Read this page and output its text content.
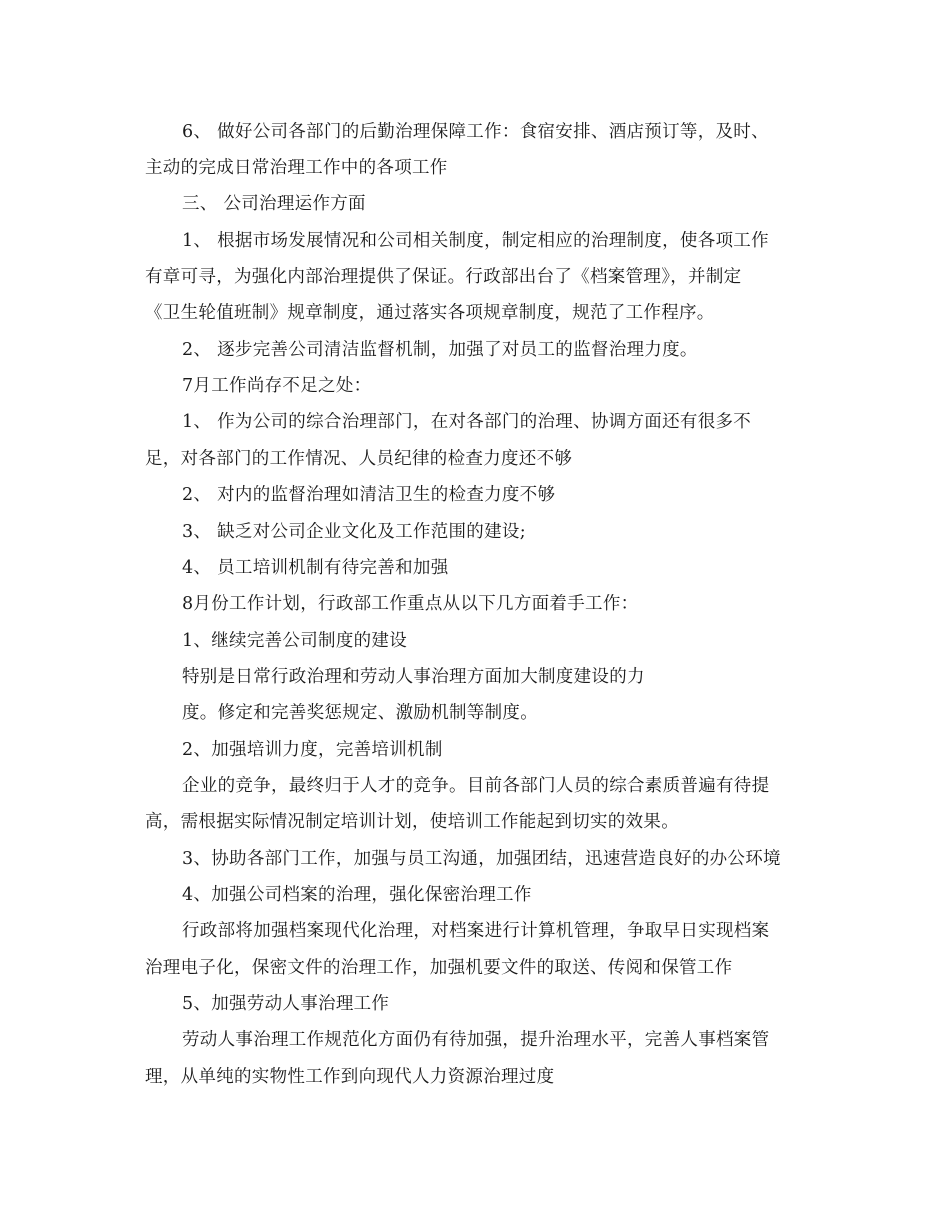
6、 做好公司各部门的后勤治理保障工作：食宿安排、酒店预订等，及时、
主动的完成日常治理工作中的各项工作
三、 公司治理运作方面
1、 根据市场发展情况和公司相关制度，制定相应的治理制度，使各项工作
有章可寻，为强化内部治理提供了保证。行政部出台了《档案管理》，并制定
《卫生轮值班制》规章制度，通过落实各项规章制度，规范了工作程序。
2、 逐步完善公司清洁监督机制，加强了对员工的监督治理力度。
7月工作尚存不足之处：
1、 作为公司的综合治理部门，在对各部门的治理、协调方面还有很多不
足，对各部门的工作情况、人员纪律的检查力度还不够
2、 对内的监督治理如清洁卫生的检查力度不够
3、 缺乏对公司企业文化及工作范围的建设;
4、 员工培训机制有待完善和加强
8月份工作计划，行政部工作重点从以下几方面着手工作：
1、继续完善公司制度的建设
特别是日常行政治理和劳动人事治理方面加大制度建设的力
度。修定和完善奖惩规定、激励机制等制度。
2、加强培训力度，完善培训机制
企业的竞争，最终归于人才的竞争。目前各部门人员的综合素质普遍有待提
高，需根据实际情况制定培训计划，使培训工作能起到切实的效果。
3、协助各部门工作，加强与员工沟通，加强团结，迅速营造良好的办公环境
4、加强公司档案的治理，强化保密治理工作
行政部将加强档案现代化治理，对档案进行计算机管理，争取早日实现档案
治理电子化，保密文件的治理工作，加强机要文件的取送、传阅和保管工作
5、加强劳动人事治理工作
劳动人事治理工作规范化方面仍有待加强，提升治理水平，完善人事档案管
理，从单纯的实物性工作到向现代人力资源治理过度
